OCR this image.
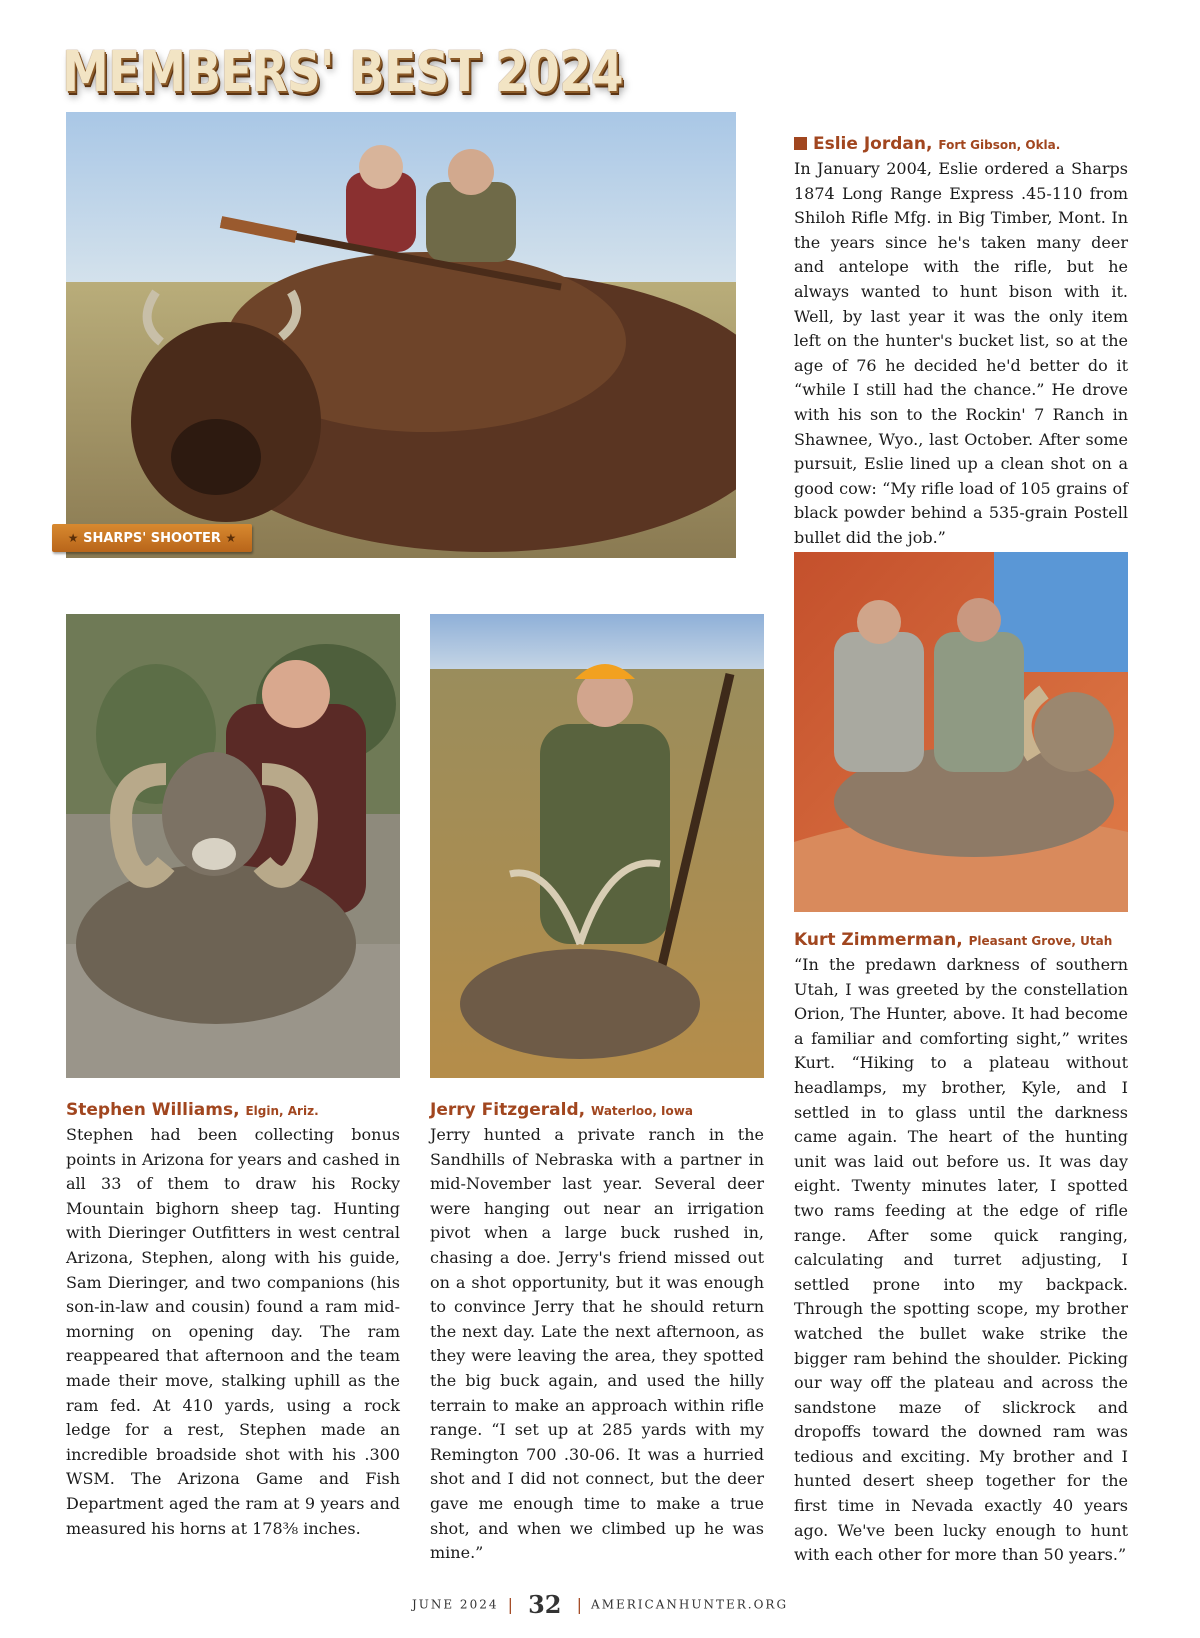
MEMBERS' BEST 2024
★ SHARPS' SHOOTER ★
Eslie Jordan, Fort Gibson, Okla.

In January 2004, Eslie ordered a Sharps 1874 Long Range Express .45-110 from Shiloh Rifle Mfg. in Big Timber, Mont. In the years since he's taken many deer and antelope with the rifle, but he always wanted to hunt bison with it. Well, by last year it was the only item left on the hunter's bucket list, so at the age of 76 he decided he'd better do it “while I still had the chance.” He drove with his son to the Rockin' 7 Ranch in Shawnee, Wyo., last October. After some pursuit, Eslie lined up a clean shot on a good cow: “My rifle load of 105 grains of black powder behind a 535-grain Postell bullet did the job.”

Kurt Zimmerman, Pleasant Grove, Utah

“In the predawn darkness of southern Utah, I was greeted by the constellation Orion, The Hunter, above. It had become a familiar and comforting sight,” writes Kurt. “Hiking to a plateau without headlamps, my brother, Kyle, and I settled in to glass until the darkness came again. The heart of the hunting unit was laid out before us. It was day eight. Twenty minutes later, I spotted two rams feeding at the edge of rifle range. After some quick ranging, calculating and turret adjusting, I settled prone into my backpack. Through the spotting scope, my brother watched the bullet wake strike the bigger ram behind the shoulder. Picking our way off the plateau and across the sandstone maze of slickrock and dropoffs toward the downed ram was tedious and exciting. My brother and I hunted desert sheep together for the first time in Nevada exactly 40 years ago. We've been lucky enough to hunt with each other for more than 50 years.”

Stephen Williams, Elgin, Ariz.

Stephen had been collecting bonus points in Arizona for years and cashed in all 33 of them to draw his Rocky Mountain bighorn sheep tag. Hunting with Dieringer Outfitters in west central Arizona, Stephen, along with his guide, Sam Dieringer, and two companions (his son-in-law and cousin) found a ram mid-morning on opening day. The ram reappeared that afternoon and the team made their move, stalking uphill as the ram fed. At 410 yards, using a rock ledge for a rest, Stephen made an incredible broadside shot with his .300 WSM. The Arizona Game and Fish Department aged the ram at 9 years and measured his horns at 178⅜ inches.

Jerry Fitzgerald, Waterloo, Iowa

Jerry hunted a private ranch in the Sandhills of Nebraska with a partner in mid-November last year. Several deer were hanging out near an irrigation pivot when a large buck rushed in, chasing a doe. Jerry's friend missed out on a shot opportunity, but it was enough to convince Jerry that he should return the next day. Late the next afternoon, as they were leaving the area, they spotted the big buck again, and used the hilly terrain to make an approach within rifle range. “I set up at 285 yards with my Remington 700 .30-06. It was a hurried shot and I did not connect, but the deer gave me enough time to make a true shot, and when we climbed up he was mine.”

JUNE 2024 | 32 | AMERICANHUNTER.ORG
